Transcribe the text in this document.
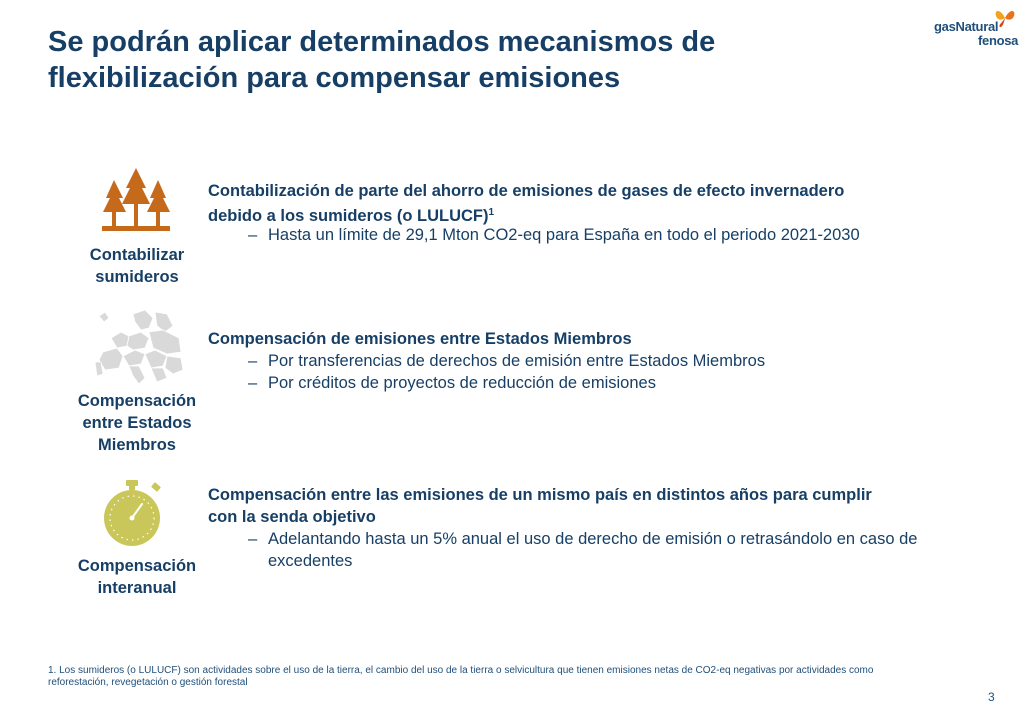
Se podrán aplicar determinados mecanismos de
flexibilización para compensar emisiones
gasNatural
fenosa
Contabilizar
sumideros
Contabilización de parte del ahorro de emisiones de gases de efecto invernadero
debido a los sumideros (o LULUCF)$^1$
– Hasta un límite de 29,1 Mton CO2-eq para España en todo el periodo 2021-2030
Compensación
entre Estados
Miembros
Compensación de emisiones entre Estados Miembros
– Por transferencias de derechos de emisión entre Estados Miembros
– Por créditos de proyectos de reducción de emisiones
Compensación
interanual
Compensación entre las emisiones de un mismo país en distintos años para cumplir
con la senda objetivo
– Adelantando hasta un 5% anual el uso de derecho de emisión o retrasándolo en caso de excedentes
1. Los sumideros (o LULUCF) son actividades sobre el uso de la tierra, el cambio del uso de la tierra o selvicultura que tienen emisiones netas de CO2-eq negativas por actividades como
reforestación, revegetación o gestión forestal
3
